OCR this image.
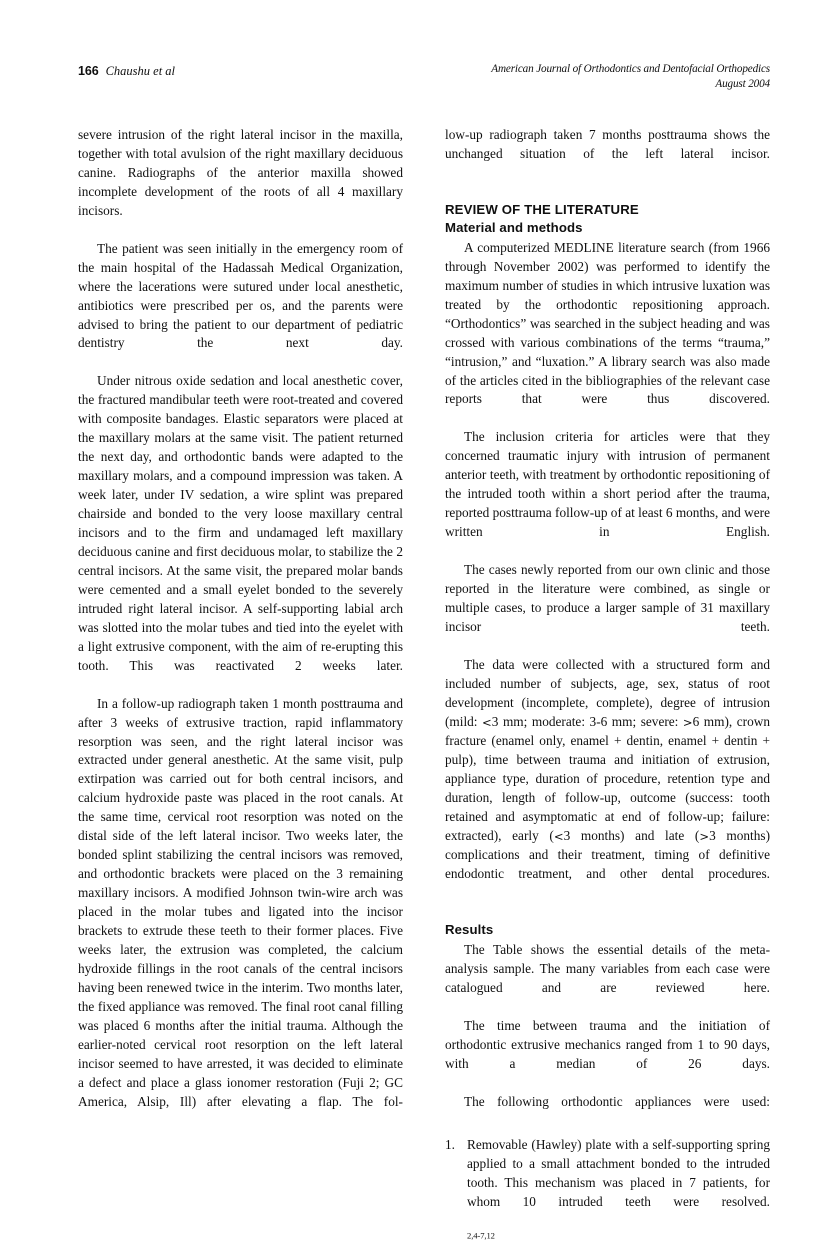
166 Chaushu et al	American Journal of Orthodontics and Dentofacial Orthopedics
August 2004

severe intrusion of the right lateral incisor in the maxilla, together with total avulsion of the right maxillary deciduous canine. Radiographs of the anterior maxilla showed incomplete development of the roots of all 4 maxillary incisors.

The patient was seen initially in the emergency room of the main hospital of the Hadassah Medical Organization, where the lacerations were sutured under local anesthetic, antibiotics were prescribed per os, and the parents were advised to bring the patient to our department of pediatric dentistry the next day.

Under nitrous oxide sedation and local anesthetic cover, the fractured mandibular teeth were root-treated and covered with composite bandages. Elastic separators were placed at the maxillary molars at the same visit. The patient returned the next day, and orthodontic bands were adapted to the maxillary molars, and a compound impression was taken. A week later, under IV sedation, a wire splint was prepared chairside and bonded to the very loose maxillary central incisors and to the firm and undamaged left maxillary deciduous canine and first deciduous molar, to stabilize the 2 central incisors. At the same visit, the prepared molar bands were cemented and a small eyelet bonded to the severely intruded right lateral incisor. A self-supporting labial arch was slotted into the molar tubes and tied into the eyelet with a light extrusive component, with the aim of re-erupting this tooth. This was reactivated 2 weeks later.

In a follow-up radiograph taken 1 month posttrauma and after 3 weeks of extrusive traction, rapid inflammatory resorption was seen, and the right lateral incisor was extracted under general anesthetic. At the same visit, pulp extirpation was carried out for both central incisors, and calcium hydroxide paste was placed in the root canals. At the same time, cervical root resorption was noted on the distal side of the left lateral incisor. Two weeks later, the bonded splint stabilizing the central incisors was removed, and orthodontic brackets were placed on the 3 remaining maxillary incisors. A modified Johnson twin-wire arch was placed in the molar tubes and ligated into the incisor brackets to extrude these teeth to their former places. Five weeks later, the extrusion was completed, the calcium hydroxide fillings in the root canals of the central incisors having been renewed twice in the interim. Two months later, the fixed appliance was removed. The final root canal filling was placed 6 months after the initial trauma. Although the earlier-noted cervical root resorption on the left lateral incisor seemed to have arrested, it was decided to eliminate a defect and place a glass ionomer restoration (Fuji 2; GC America, Alsip, Ill) after elevating a flap. The fol-

low-up radiograph taken 7 months posttrauma shows the unchanged situation of the left lateral incisor.

REVIEW OF THE LITERATURE
Material and methods

A computerized MEDLINE literature search (from 1966 through November 2002) was performed to identify the maximum number of studies in which intrusive luxation was treated by the orthodontic repositioning approach. “Orthodontics” was searched in the subject heading and was crossed with various combinations of the terms “trauma,” “intrusion,” and “luxation.” A library search was also made of the articles cited in the bibliographies of the relevant case reports that were thus discovered.

The inclusion criteria for articles were that they concerned traumatic injury with intrusion of permanent anterior teeth, with treatment by orthodontic repositioning of the intruded tooth within a short period after the trauma, reported posttrauma follow-up of at least 6 months, and were written in English.

The cases newly reported from our own clinic and those reported in the literature were combined, as single or multiple cases, to produce a larger sample of 31 maxillary incisor teeth.

The data were collected with a structured form and included number of subjects, age, sex, status of root development (incomplete, complete), degree of intrusion (mild: <3 mm; moderate: 3-6 mm; severe: >6 mm), crown fracture (enamel only, enamel + dentin, enamel + dentin + pulp), time between trauma and initiation of extrusion, appliance type, duration of procedure, retention type and duration, length of follow-up, outcome (success: tooth retained and asymptomatic at end of follow-up; failure: extracted), early (<3 months) and late (>3 months) complications and their treatment, timing of definitive endodontic treatment, and other dental procedures.

Results

The Table shows the essential details of the meta-analysis sample. The many variables from each case were catalogued and are reviewed here.

The time between trauma and the initiation of orthodontic extrusive mechanics ranged from 1 to 90 days, with a median of 26 days.

The following orthodontic appliances were used:

1. Removable (Hawley) plate with a self-supporting spring applied to a small attachment bonded to the intruded tooth. This mechanism was placed in 7 patients, for whom 10 intruded teeth were resolved.$^{2,4-7,12}$
